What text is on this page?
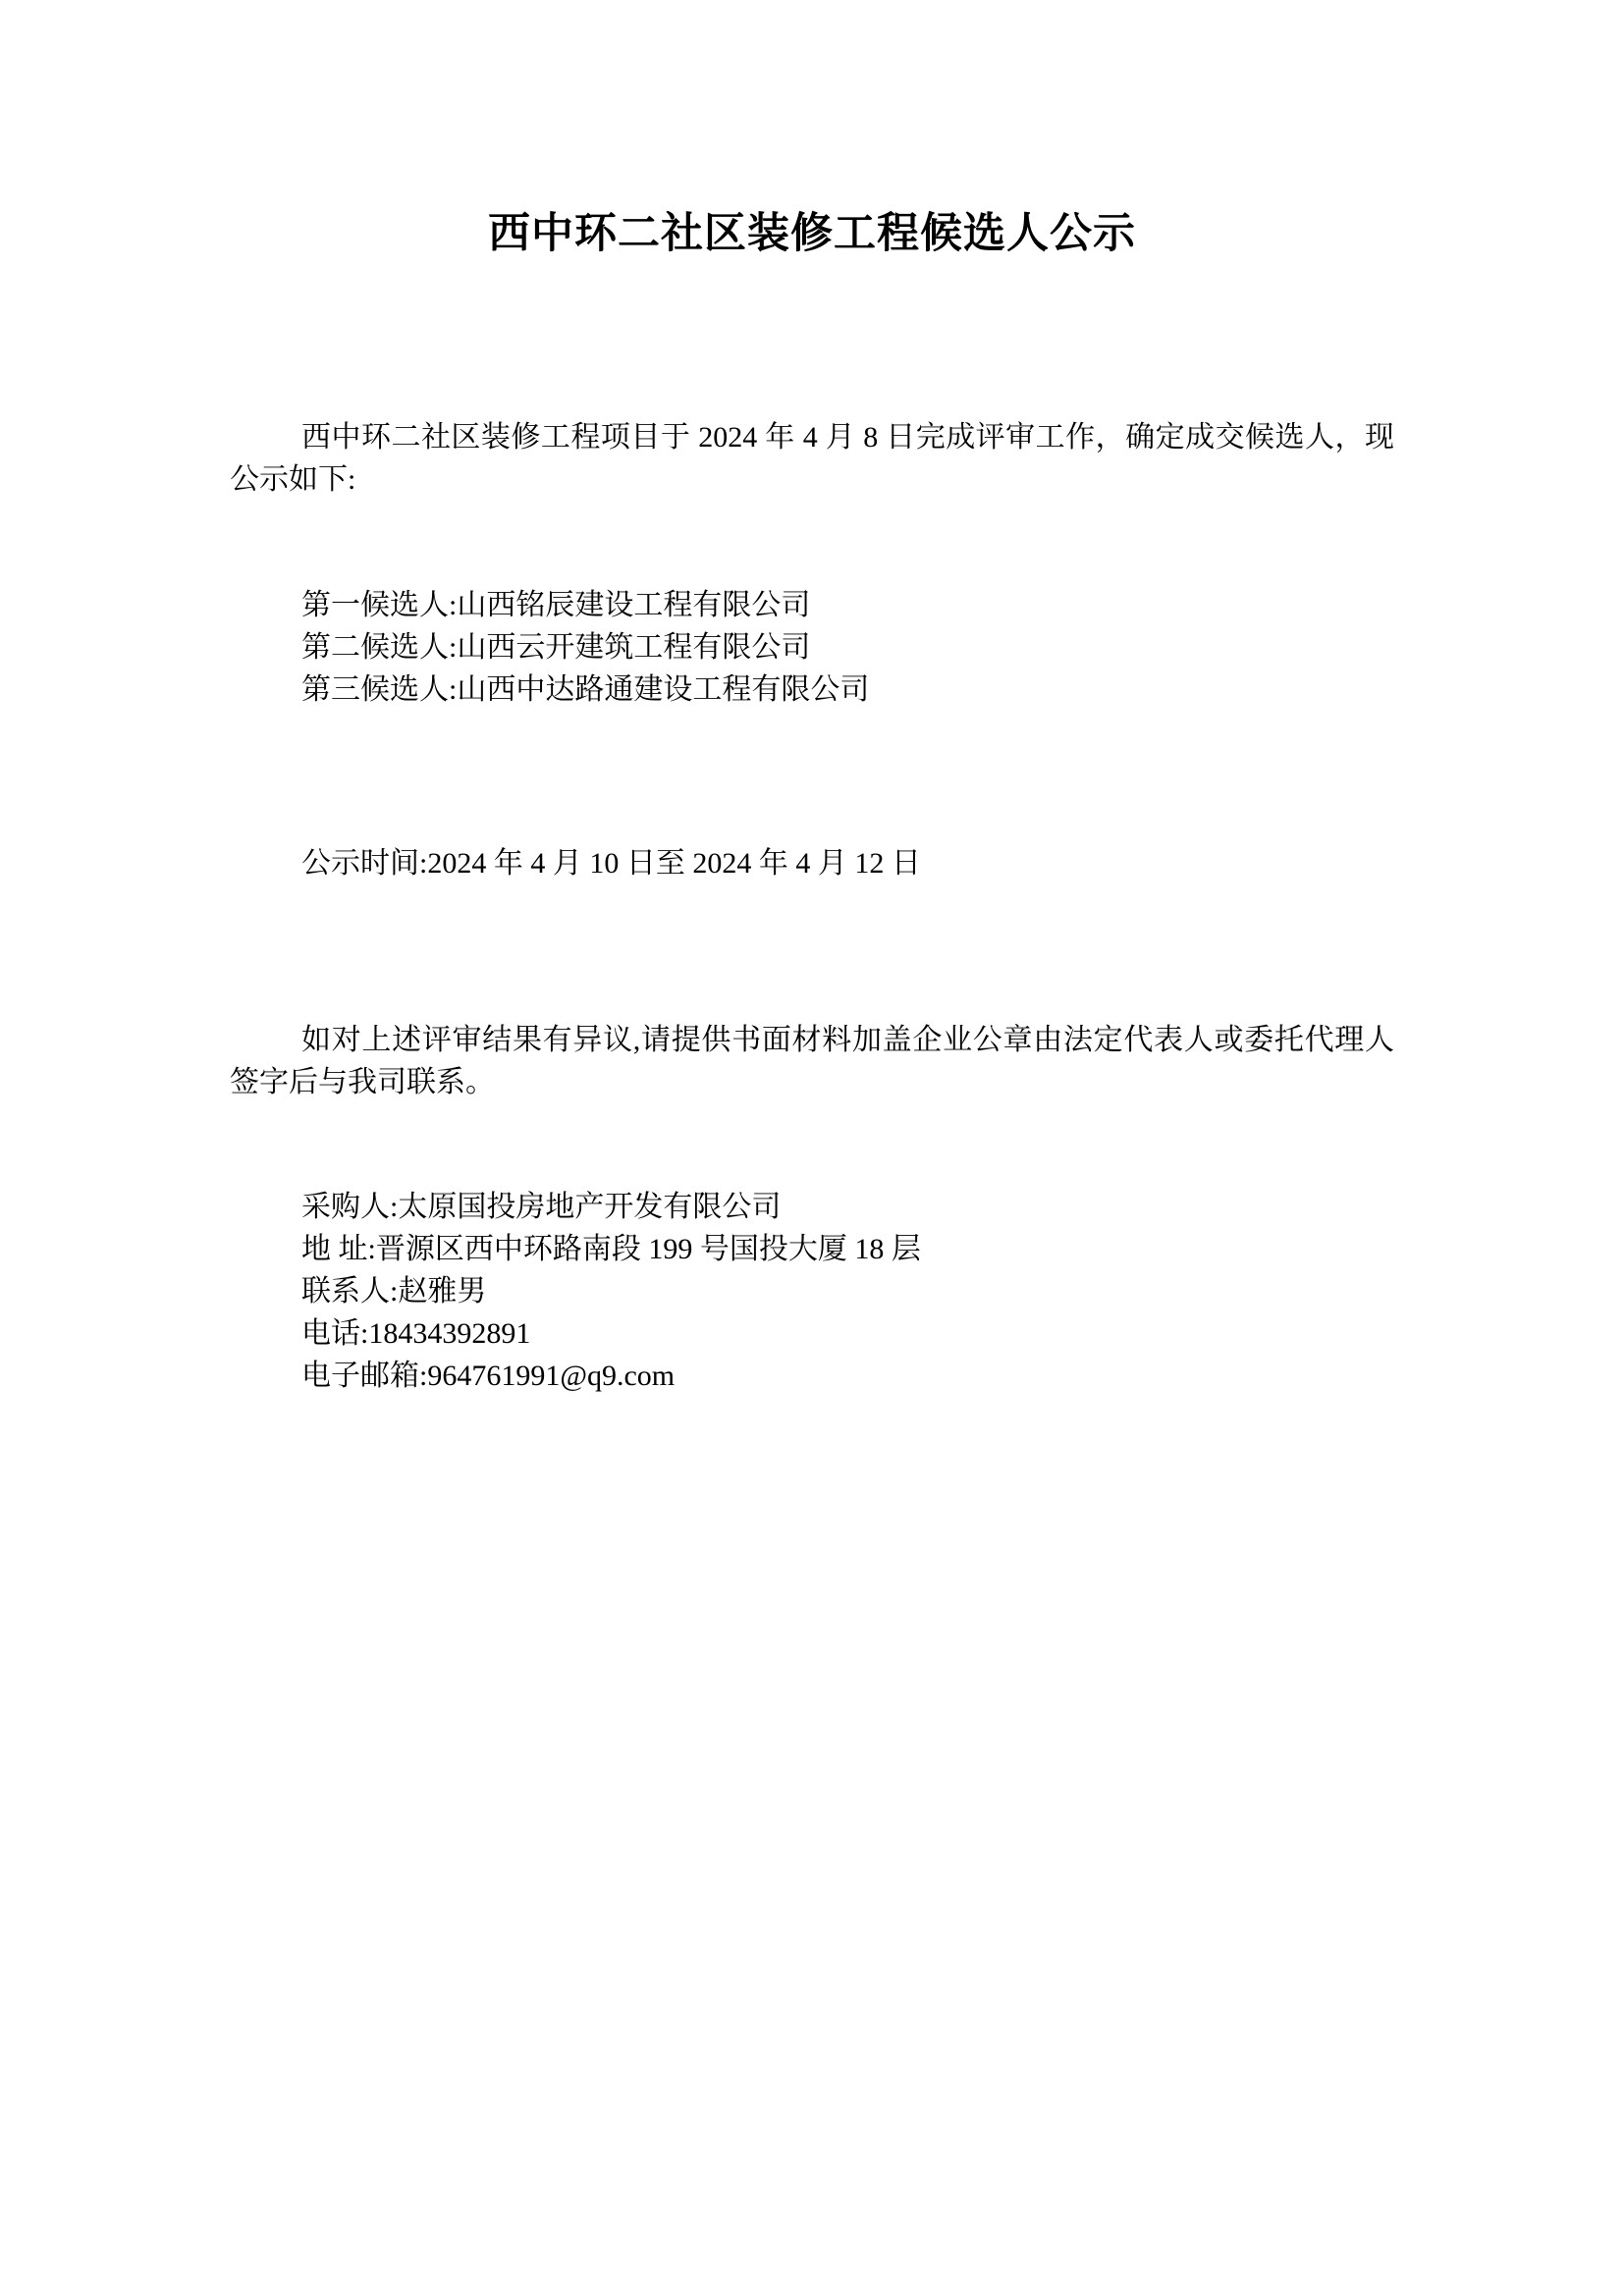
西中环二社区装修工程候选人公示

西中环二社区装修工程项目于 2024 年 4 月 8 日完成评审工作，确定成交候选人，现公示如下:

第一候选人:山西铭辰建设工程有限公司
第二候选人:山西云开建筑工程有限公司
第三候选人:山西中达路通建设工程有限公司
公示时间:2024 年 4 月 10 日至 2024 年 4 月 12 日

如对上述评审结果有异议,请提供书面材料加盖企业公章由法定代表人或委托代理人签字后与我司联系。

采购人:太原国投房地产开发有限公司
地 址:晋源区西中环路南段 199 号国投大厦 18 层
联系人:赵雅男
电话:18434392891
电子邮箱:964761991@q9.com
